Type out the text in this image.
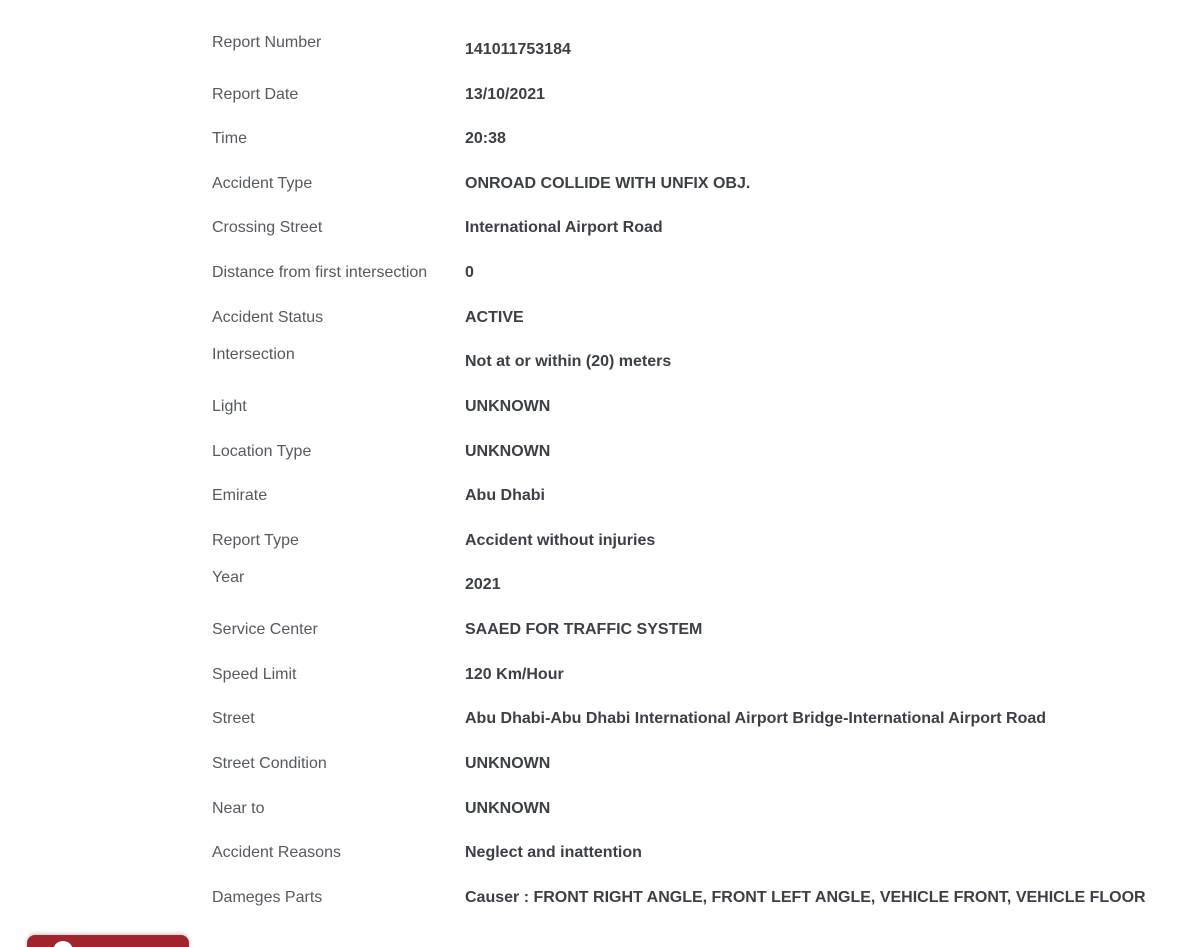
Report Number	141011753184
Report Date	13/10/2021
Time	20:38
Accident Type	ONROAD COLLIDE WITH UNFIX OBJ.
Crossing Street	International Airport Road
Distance from first intersection 0
Accident Status	ACTIVE
Intersection	Not at or within (20) meters
Light	UNKNOWN
Location Type	UNKNOWN
Emirate	Abu Dhabi
Report Type	Accident without injuries
Year	2021
Service Center	SAAED FOR TRAFFIC SYSTEM
Speed Limit	120 Km/Hour
Street	Abu Dhabi-Abu Dhabi International Airport Bridge-International Airport Road
Street Condition	UNKNOWN
Near to	UNKNOWN
Accident Reasons	Neglect and inattention
Dameges Parts	Causer : FRONT RIGHT ANGLE, FRONT LEFT ANGLE, VEHICLE FRONT, VEHICLE FLOOR
